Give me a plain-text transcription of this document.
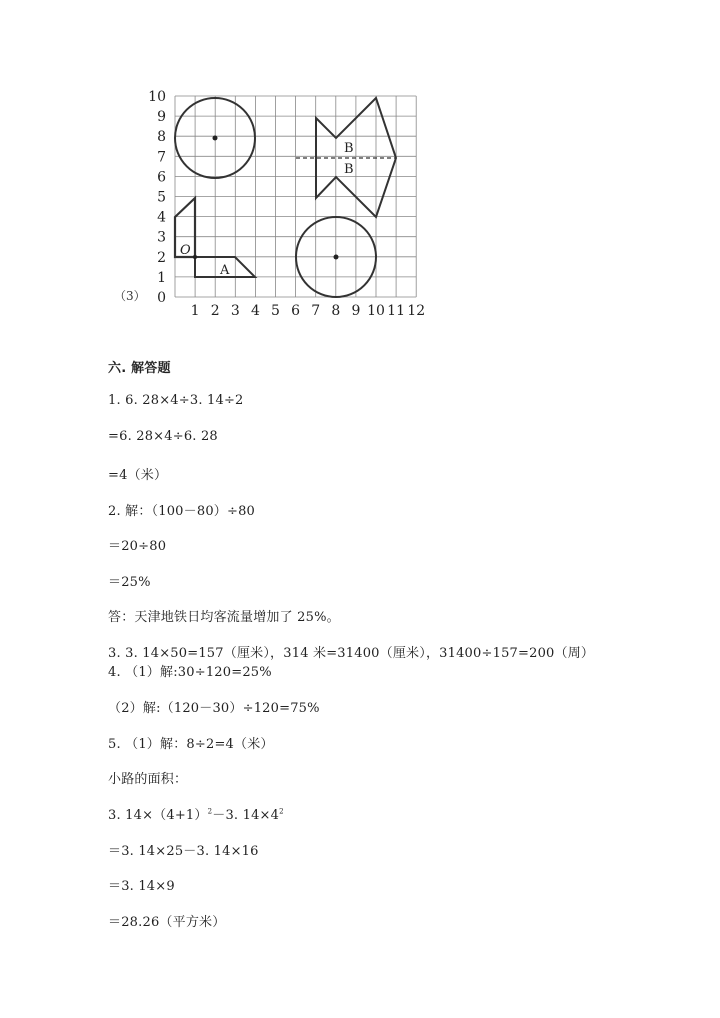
10
9
8
7
6
5
4
3
2
1
0
1 2 3 4 5 6 7 8 9 10 11 12
B
B
A
O
（3）
六. 解答题
1. 6. 28×4÷3. 14÷2
=6. 28×4÷6. 28
=4（米）
2. 解：（100－80）÷80
＝20÷80
＝25%
答：天津地铁日均客流量增加了 25%。
3. 3. 14×50=157（厘米），314 米=31400（厘米），31400÷157=200（周）
4. （1）解:30÷120=25%
（2）解:（120－30）÷120=75%
5. （1）解：8÷2=4（米）
小路的面积：
3. $14\times(4+1)^2-3$. $14\times 4^2$
＝3. 14×25－3. 14×16
＝3. 14×9
＝28.26（平方米）
